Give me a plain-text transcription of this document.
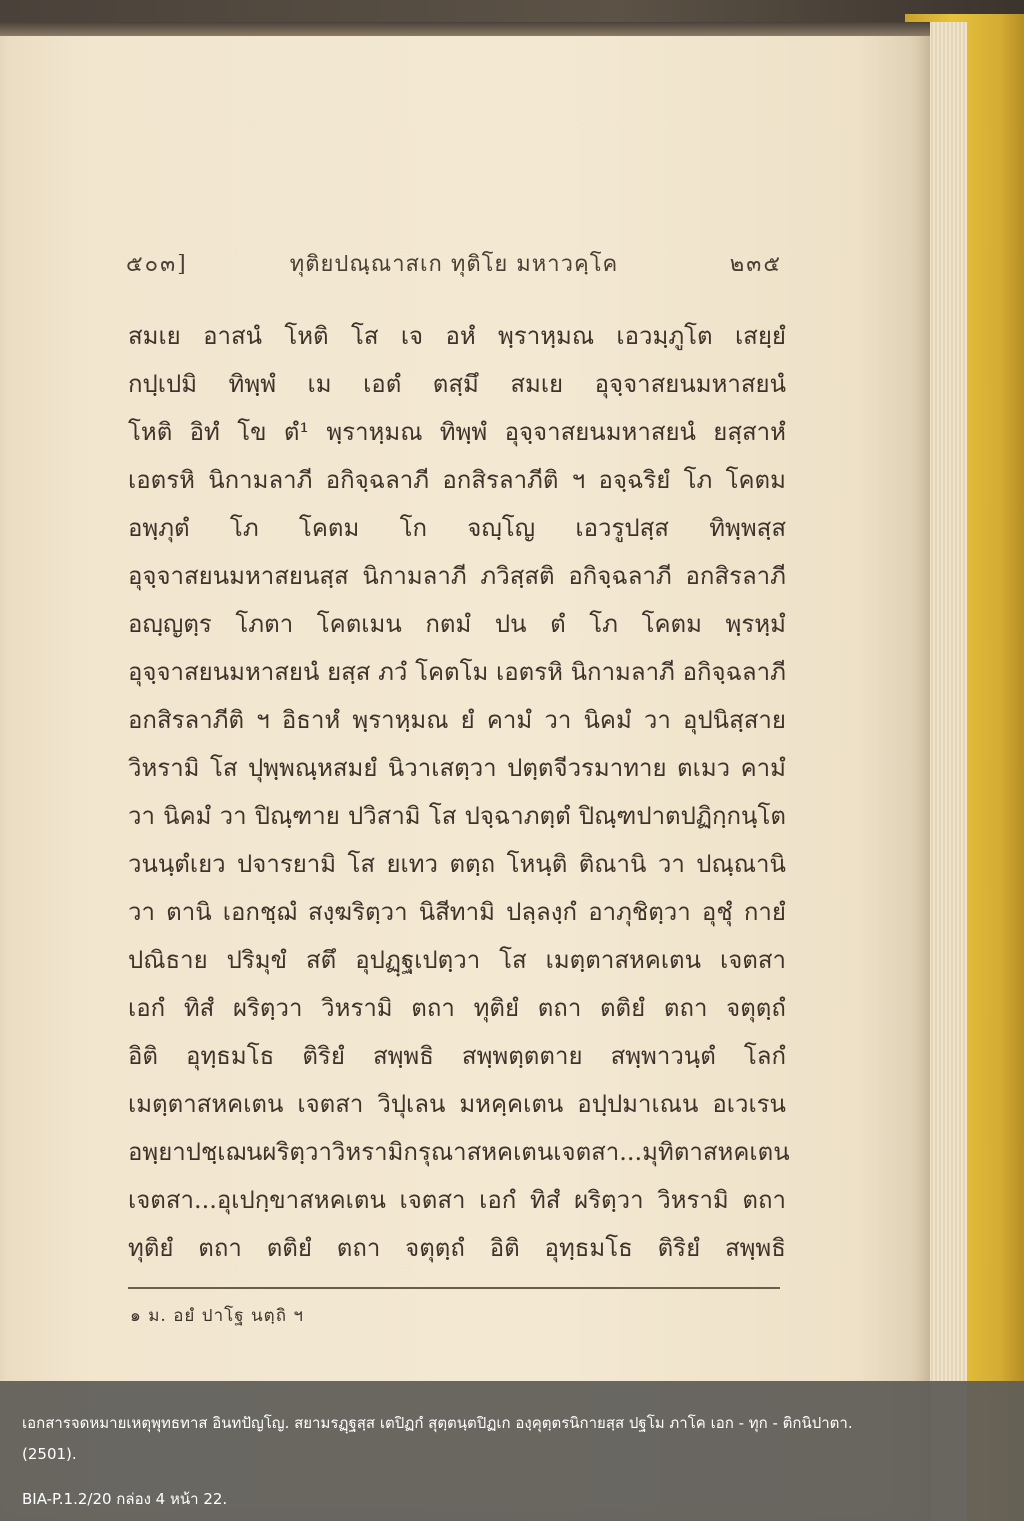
๕๐๓]	ทุติยปณฺณาสเก ทุติโย มหาวคฺโค	๒๓๕
สมเย อาสนํ โหติ โส เจ อหํ พฺราหฺมณ เอวมฺภูโต เสยฺยํ
กปฺเปมิ ทิพฺพํ เม เอตํ ตสฺมึ สมเย อุจฺจาสยนมหาสยนํ
โหติ อิทํ โข ตํ¹ พฺราหฺมณ ทิพฺพํ อุจฺจาสยนมหาสยนํ ยสฺสาหํ
เอตรหิ นิกามลาภี อกิจฺฉลาภี อกสิรลาภีติ ฯ อจฺฉริยํ โภ โคตม
อพฺภุตํ โภ โคตม โก จญฺโญ เอวรูปสฺส ทิพฺพสฺส
อุจฺจาสยนมหาสยนสฺส นิกามลาภี ภวิสฺสติ อกิจฺฉลาภี อกสิรลาภี
อญฺญตฺร โภตา โคตเมน กตมํ ปน ตํ โภ โคตม พฺรหฺมํ
อุจฺจาสยนมหาสยนํ ยสฺส ภวํ โคตโม เอตรหิ นิกามลาภี อกิจฺฉลาภี
อกสิรลาภีติ ฯ อิธาหํ พฺราหฺมณ ยํ คามํ วา นิคมํ วา อุปนิสฺสาย
วิหรามิ โส ปุพฺพณฺหสมยํ นิวาเสตฺวา ปตฺตจีวรมาทาย ตเมว คามํ
วา นิคมํ วา ปิณฺฑาย ปวิสามิ โส ปจฺฉาภตฺตํ ปิณฺฑปาตปฏิกฺกนฺโต
วนนฺตํเยว ปจารยามิ โส ยเทว ตตฺถ โหนฺติ ติณานิ วา ปณฺณานิ
วา ตานิ เอกชฺฌํ สงฺฆริตฺวา นิสีทามิ ปลฺลงฺกํ อาภุชิตฺวา อุชุํ กายํ
ปณิธาย ปริมุขํ สตึ อุปฏฺฐเปตฺวา โส เมตฺตาสหคเตน เจตสา
เอกํ ทิสํ ผริตฺวา วิหรามิ ตถา ทุติยํ ตถา ตติยํ ตถา จตุตฺถํ
อิติ อุทฺธมโธ ติริยํ สพฺพธิ สพฺพตฺตตาย สพฺพาวนฺตํ โลกํ
เมตฺตาสหคเตน เจตสา วิปุเลน มหคฺคเตน อปฺปมาเณน อเวเรน
อพฺยาปชฺเฌน ผริตฺวา วิหรามิ กรุณาสหคเตน เจตสา... มุทิตาสหคเตน
เจตสา...อุเปกฺขาสหคเตน เจตสา เอกํ ทิสํ ผริตฺวา วิหรามิ ตถา
ทุติยํ ตถา ตติยํ ตถา จตุตฺถํ อิติ อุทฺธมโธ ติริยํ สพฺพธิ
๑ ม. อยํ ปาโฐ นตฺถิ ฯ
เอกสารจดหมายเหตุพุทธทาส อินทปัญโญ. สยามรฏฺฐสฺส เตปิฏกํ สุตฺตนฺตปิฏเก องฺคุตฺตรนิกายสฺส ปฐโม ภาโค เอก - ทุก - ติกนิปาตา.
(2501).
BIA-P.1.2/20 กล่อง 4 หน้า 22.
